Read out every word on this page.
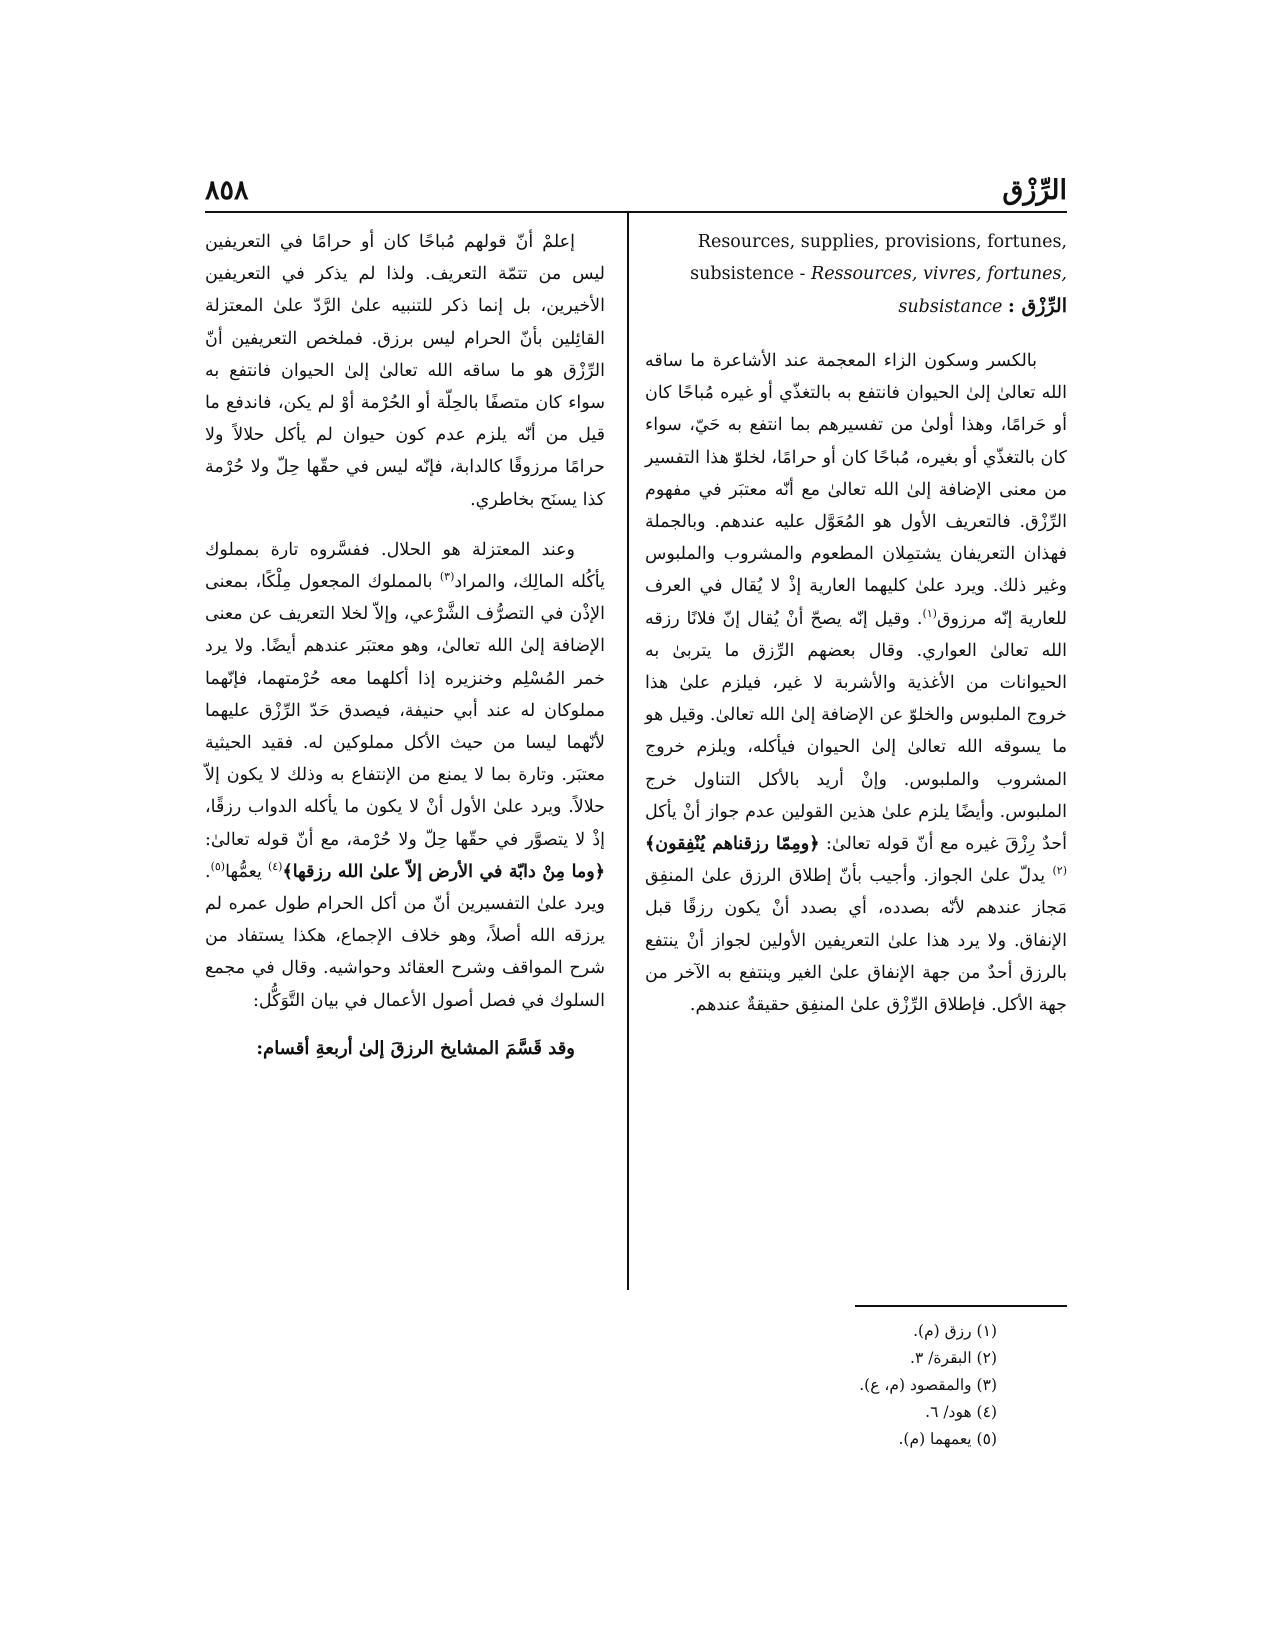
الرِّزْق
٨٥٨
Resources, supplies, provisions, fortunes, subsistence - Ressources, vivres, fortunes, subsistance الرِّزْق :

بالكسر وسكون الزاء المعجمة عند الأشاعرة ما ساقه الله تعالىٰ إلىٰ الحيوان فانتفع به بالتغذّي أو غيره مُباحًا كان أو حَرامًا، وهذا أولىٰ من تفسيرهم بما انتفع به حَيّ، سواء كان بالتغذّي أو بغيره، مُباحًا كان أو حرامًا، لخلوّ هذا التفسير من معنى الإضافة إلىٰ الله تعالىٰ مع أنّه معتبَر في مفهوم الرِّزْق. فالتعريف الأول هو المُعَوَّل عليه عندهم. وبالجملة فهذان التعريفان يشتمِلان المطعوم والمشروب والملبوس وغير ذلك. ويرد علىٰ كليهما العارية إذْ لا يُقال في العرف للعارية إنّه مرزوق$^{(١)}$. وقيل إنّه يصحّ أنْ يُقال إنّ فلانًا رزقه الله تعالىٰ العواري. وقال بعضهم الرِّزق ما يتربىٰ به الحيوانات من الأغذية والأشربة لا غير، فيلزم علىٰ هذا خروج الملبوس والخلوّ عن الإضافة إلىٰ الله تعالىٰ. وقيل هو ما يسوقه الله تعالىٰ إلىٰ الحيوان فيأكله، ويلزم خروج المشروب والملبوس. وإنْ أريد بالأكل التناول خرج الملبوس. وأيضًا يلزم علىٰ هذين القولين عدم جواز أنْ يأكل أحدٌ رِزْقَ غيره مع أنّ قوله تعالىٰ: ﴿ومِمّا رزقناهم يُنْفِقون﴾$^{(٢)}$ يدلّ علىٰ الجواز. وأجيب بأنّ إطلاق الرزق علىٰ المنفِق مَجاز عندهم لأنّه بصدده، أي بصدد أنْ يكون رزقًا قبل الإنفاق. ولا يرد هذا علىٰ التعريفين الأولين لجواز أنْ ينتفع بالرزق أحدٌ من جهة الإنفاق علىٰ الغير وينتفع به الآخر من جهة الأكل. فإطلاق الرِّزْق علىٰ المنفِق حقيقةٌ عندهم.

إعلمْ أنّ قولهم مُباحًا كان أو حرامًا في التعريفين ليس من تتمّة التعريف. ولذا لم يذكر في التعريفين الأخيرين، بل إنما ذكر للتنبيه علىٰ الرَّدّ علىٰ المعتزلة القائِلين بأنّ الحرام ليس برزق. فملخص التعريفين أنّ الرِّزْق هو ما ساقه الله تعالىٰ إلىٰ الحيوان فانتفع به سواء كان متصفًا بالحِلّة أو الحُرْمة أوْ لم يكن، فاندفع ما قيل من أنّه يلزم عدم كون حيوان لم يأكل حلالاً ولا حرامًا مرزوقًا كالدابة، فإنّه ليس في حقّها حِلّ ولا حُرْمة كذا يسنَح بخاطري.

وعند المعتزلة هو الحلال. ففسَّروه تارة بمملوك يأكُله المالِك، والمراد$^{(٣)}$ بالمملوك المجعول مِلْكًا، بمعنى الإذْن في التصرُّف الشَّرْعي، وإلاّ لخلا التعريف عن معنى الإضافة إلىٰ الله تعالىٰ، وهو معتبَر عندهم أيضًا. ولا يرد خمر المُسْلِم وخنزيره إذا أكلهما معه حُرْمتهما، فإنّهما مملوكان له عند أبي حنيفة، فيصدق حَدّ الرِّزْق عليهما لأنّهما ليسا من حيث الأكل مملوكين له. فقيد الحيثية معتبَر. وتارة بما لا يمنع من الإنتفاع به وذلك لا يكون إلاّ حلالاً. ويرد علىٰ الأول أنْ لا يكون ما يأكله الدواب رزقًا، إذْ لا يتصوَّر في حقّها حِلّ ولا حُرْمة، مع أنّ قوله تعالىٰ: ﴿وما مِنْ دابّة في الأرض إلاّ علىٰ الله رزقها﴾$^{(٤)}$ يعمُّها$^{(٥)}$. ويرد علىٰ التفسيرين أنّ من أكل الحرام طول عمره لم يرزقه الله أصلاً، وهو خلاف الإجماع، هكذا يستفاد من شرح المواقف وشرح العقائد وحواشيه. وقال في مجمع السلوك في فصل أصول الأعمال في بيان التَّوَكُّل:

وقد قَسَّمَ المشايخ الرزقَ إلىٰ أربعةِ أقسام:

(١) رزق (م).
(٢) البقرة/ ٣.
(٣) والمقصود (م، ع).
(٤) هود/ ٦.
(٥) يعمهما (م).
